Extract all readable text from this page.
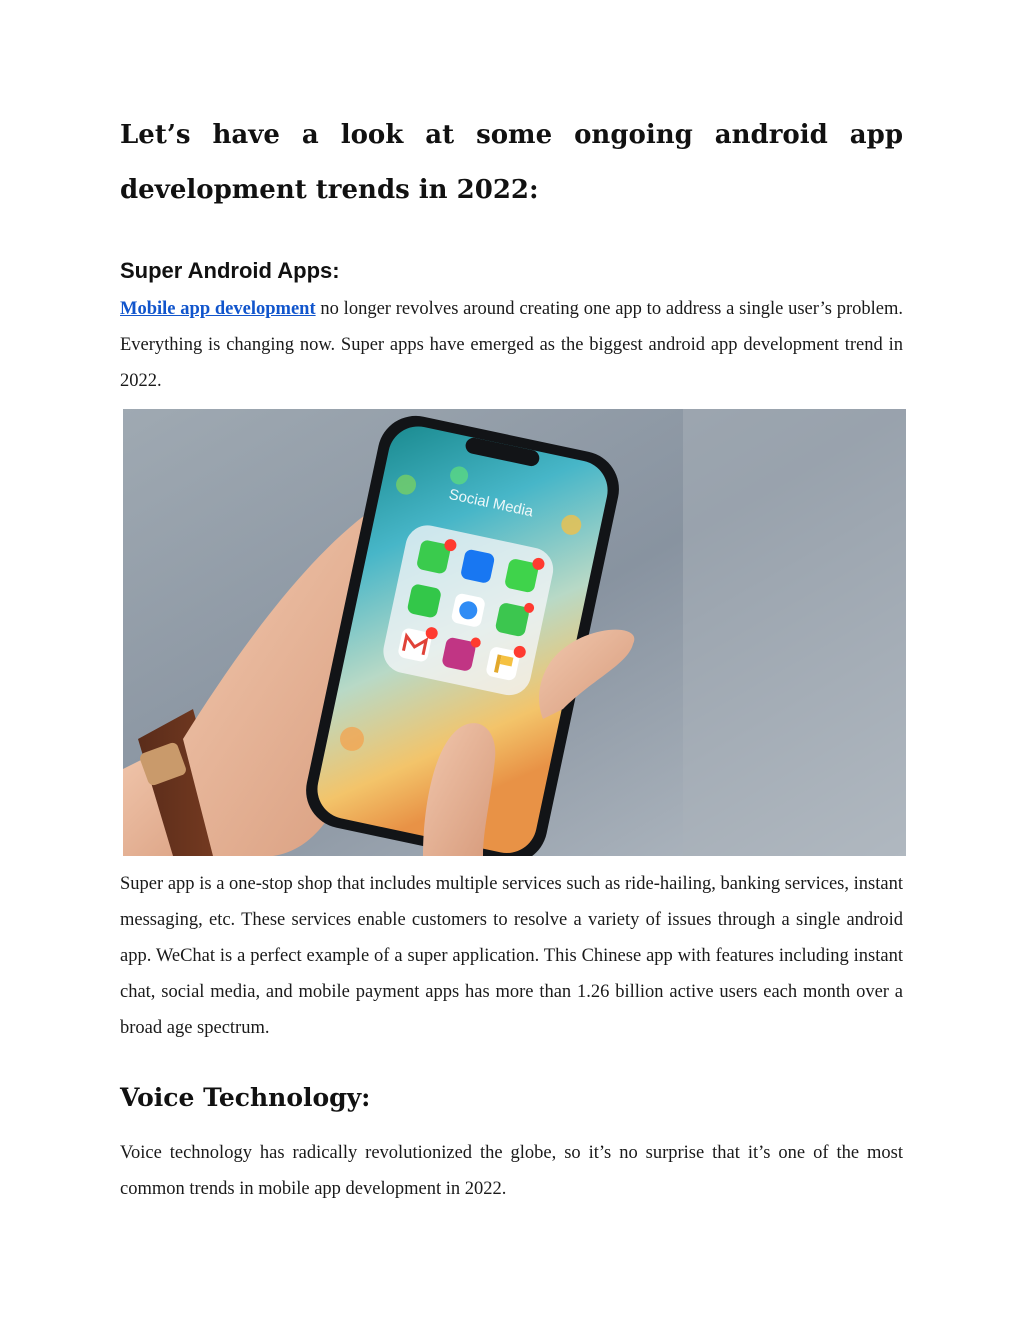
Let’s have a look at some ongoing android app development trends in 2022:
Super Android Apps:

Mobile app development no longer revolves around creating one app to address a single user’s problem. Everything is changing now. Super apps have emerged as the biggest android app development trend in 2022.

Social Media

Super app is a one-stop shop that includes multiple services such as ride-hailing, banking services, instant messaging, etc. These services enable customers to resolve a variety of issues through a single android app. WeChat is a perfect example of a super application. This Chinese app with features including instant chat, social media, and mobile payment apps has more than 1.26 billion active users each month over a broad age spectrum.

Voice Technology:

Voice technology has radically revolutionized the globe, so it’s no surprise that it’s one of the most common trends in mobile app development in 2022.
